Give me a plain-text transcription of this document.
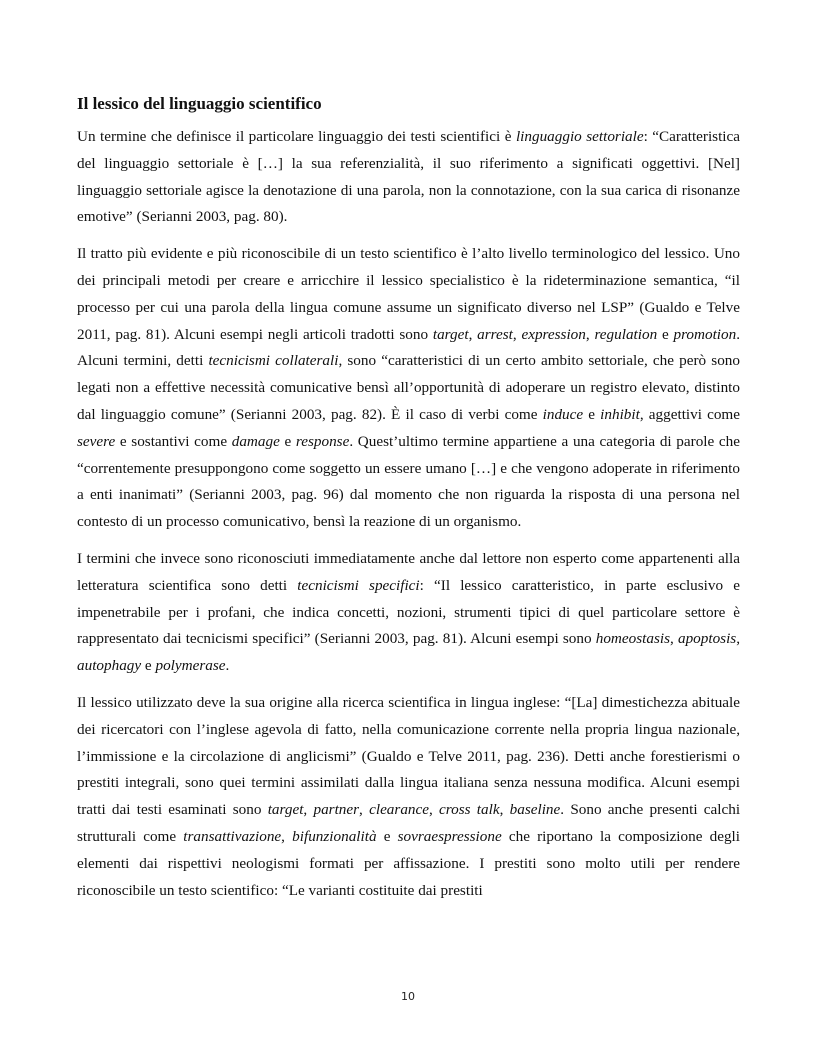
Il lessico del linguaggio scientifico

Un termine che definisce il particolare linguaggio dei testi scientifici è linguaggio settoriale: “Caratteristica del linguaggio settoriale è […] la sua referenzialità, il suo riferimento a significati oggettivi. [Nel] linguaggio settoriale agisce la denotazione di una parola, non la connotazione, con la sua carica di risonanze emotive” (Serianni 2003, pag. 80).

Il tratto più evidente e più riconoscibile di un testo scientifico è l’alto livello terminologico del lessico. Uno dei principali metodi per creare e arricchire il lessico specialistico è la rideterminazione semantica, “il processo per cui una parola della lingua comune assume un significato diverso nel LSP” (Gualdo e Telve 2011, pag. 81). Alcuni esempi negli articoli tradotti sono target, arrest, expression, regulation e promotion. Alcuni termini, detti tecnicismi collaterali, sono “caratteristici di un certo ambito settoriale, che però sono legati non a effettive necessità comunicative bensì all’opportunità di adoperare un registro elevato, distinto dal linguaggio comune” (Serianni 2003, pag. 82). È il caso di verbi come induce e inhibit, aggettivi come severe e sostantivi come damage e response. Quest’ultimo termine appartiene a una categoria di parole che “correntemente presuppongono come soggetto un essere umano […] e che vengono adoperate in riferimento a enti inanimati” (Serianni 2003, pag. 96) dal momento che non riguarda la risposta di una persona nel contesto di un processo comunicativo, bensì la reazione di un organismo.

I termini che invece sono riconosciuti immediatamente anche dal lettore non esperto come appartenenti alla letteratura scientifica sono detti tecnicismi specifici: “Il lessico caratteristico, in parte esclusivo e impenetrabile per i profani, che indica concetti, nozioni, strumenti tipici di quel particolare settore è rappresentato dai tecnicismi specifici” (Serianni 2003, pag. 81). Alcuni esempi sono homeostasis, apoptosis, autophagy e polymerase.

Il lessico utilizzato deve la sua origine alla ricerca scientifica in lingua inglese: “[La] dimestichezza abituale dei ricercatori con l’inglese agevola di fatto, nella comunicazione corrente nella propria lingua nazionale, l’immissione e la circolazione di anglicismi” (Gualdo e Telve 2011, pag. 236). Detti anche forestierismi o prestiti integrali, sono quei termini assimilati dalla lingua italiana senza nessuna modifica. Alcuni esempi tratti dai testi esaminati sono target, partner, clearance, cross talk, baseline. Sono anche presenti calchi strutturali come transattivazione, bifunzionalità e sovraespressione che riportano la composizione degli elementi dai rispettivi neologismi formati per affissazione. I prestiti sono molto utili per rendere riconoscibile un testo scientifico: “Le varianti costituite dai prestiti

10
